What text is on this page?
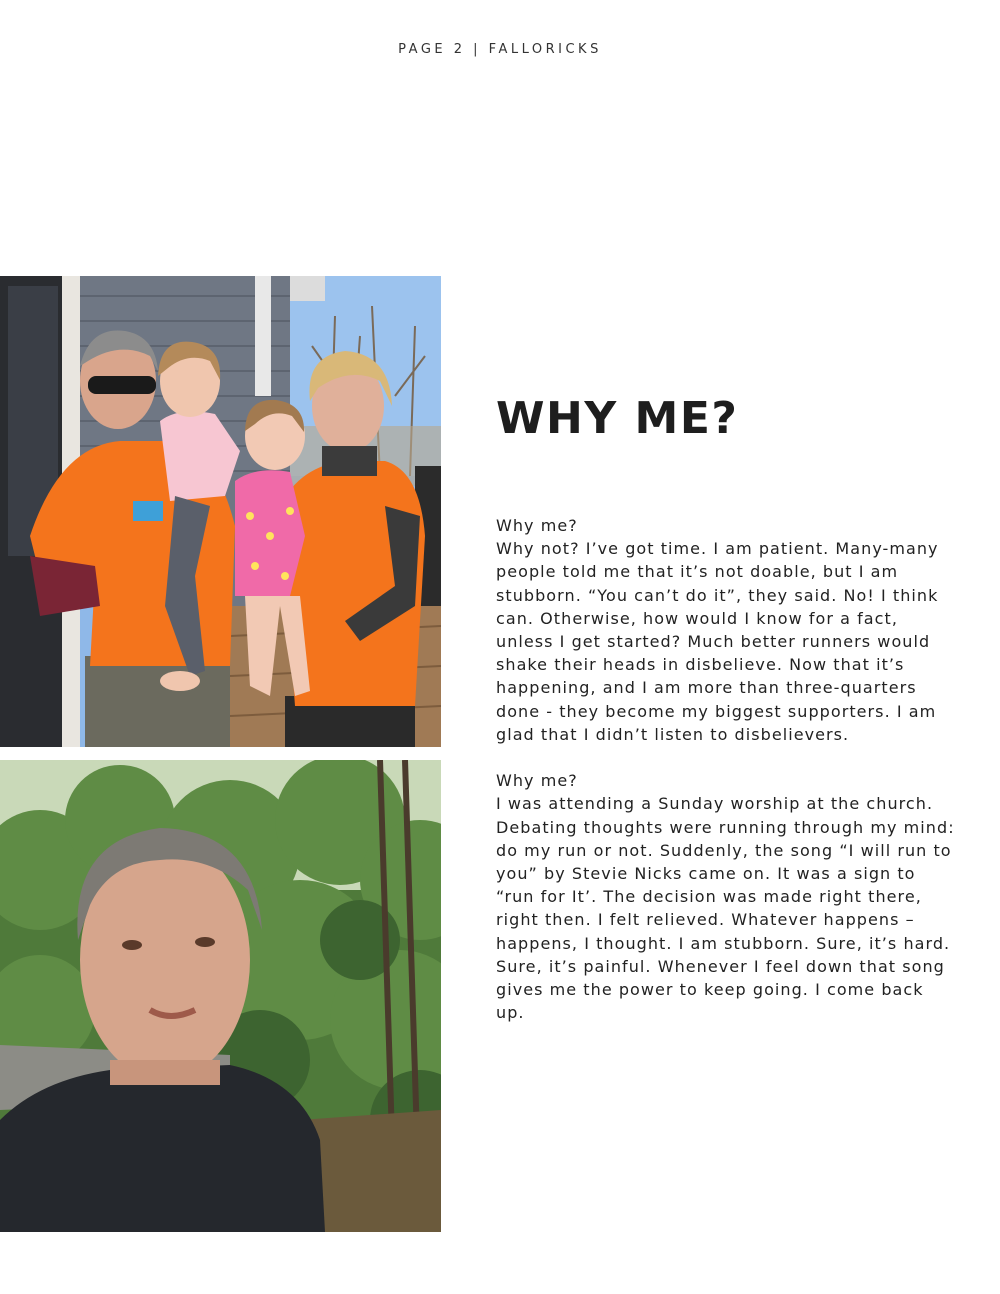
PAGE 2 | FALLORICKS
WHY ME?
Why me?
Why not? I’ve got time. I am patient. Many-many people told me that it’s not doable, but I am stubborn. “You can’t do it”, they said. No! I think can. Otherwise, how would I know for a fact, unless I get started? Much better runners would shake their heads in disbelieve. Now that it’s happening, and I am more than three-quarters done - they become my biggest supporters. I am glad that I didn’t listen to disbelievers.
Why me?
I was attending a Sunday worship at the church. Debating thoughts were running through my mind: do my run or not. Suddenly, the song “I will run to you” by Stevie Nicks came on. It was a sign to “run for It’. The decision was made right there, right then. I felt relieved. Whatever happens – happens, I thought. I am stubborn. Sure, it’s hard. Sure, it’s painful. Whenever I feel down that song gives me the power to keep going. I come back up.
